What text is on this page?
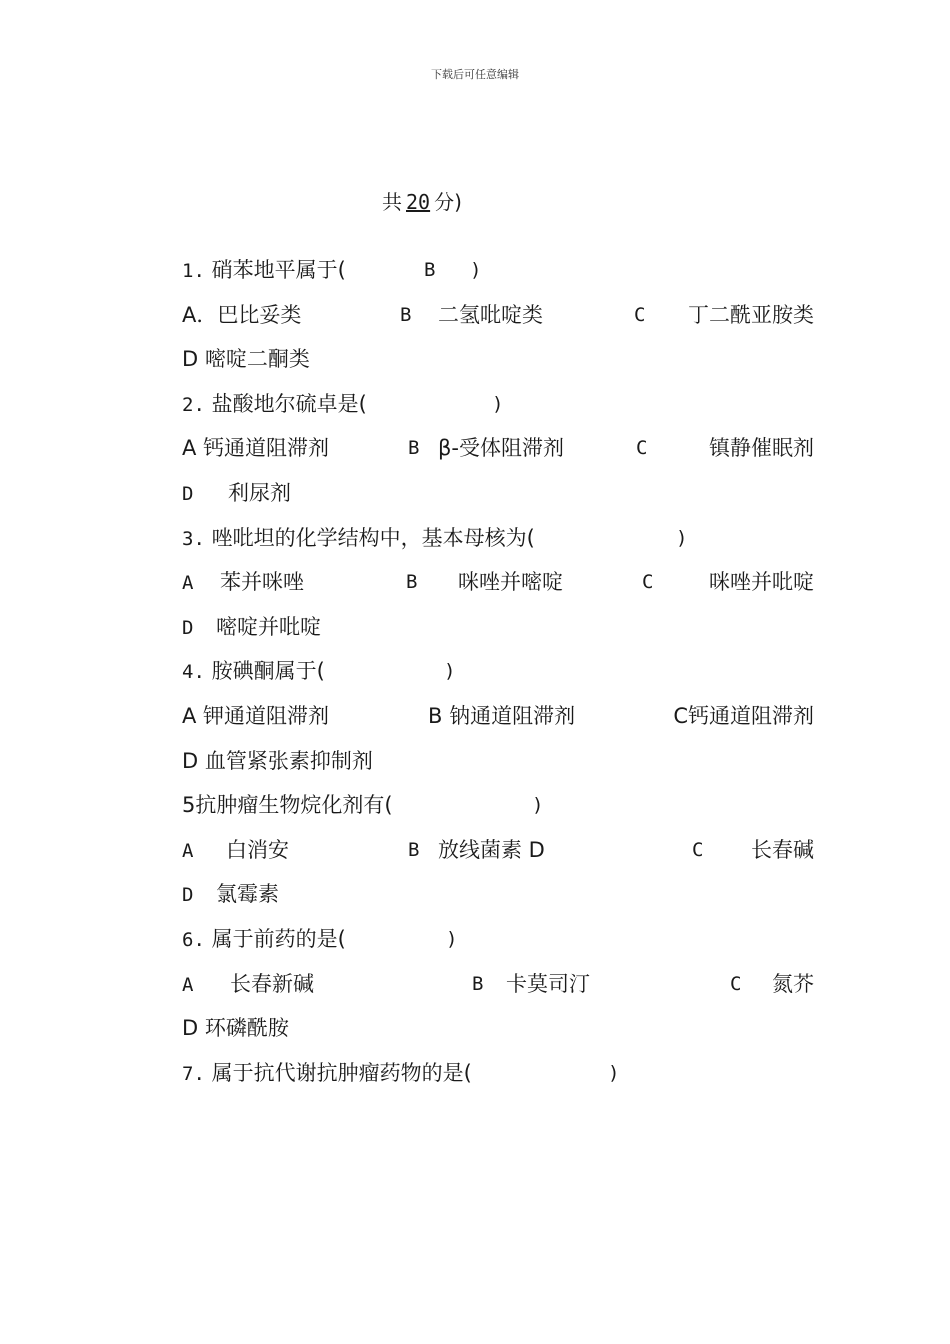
下载后可任意编辑
共 20 分)
1. 硝苯地平属于(	B )
A．巴比妥类	B 二氢吡啶类	C 丁二酰亚胺类
D 嘧啶二酮类
2. 盐酸地尔硫卓是(	)
A 钙通道阻滞剂	B β-受体阻滞剂	C	镇静催眠剂
D 利尿剂
3. 唑吡坦的化学结构中，基本母核为(	)
A 苯并咪唑	B 咪唑并嘧啶	C	咪唑并吡啶
D 嘧啶并吡啶
4. 胺碘酮属于(	)
A 钾通道阻滞剂	B 钠通道阻滞剂	C钙通道阻滞剂
D 血管紧张素抑制剂
5抗肿瘤生物烷化剂有(	)
A 白消安	B 放线菌素 D	C 长春碱
D 氯霉素
6. 属于前药的是(	)
A 长春新碱	B 卡莫司汀	C 氮芥
D 环磷酰胺
7. 属于抗代谢抗肿瘤药物的是(	)
